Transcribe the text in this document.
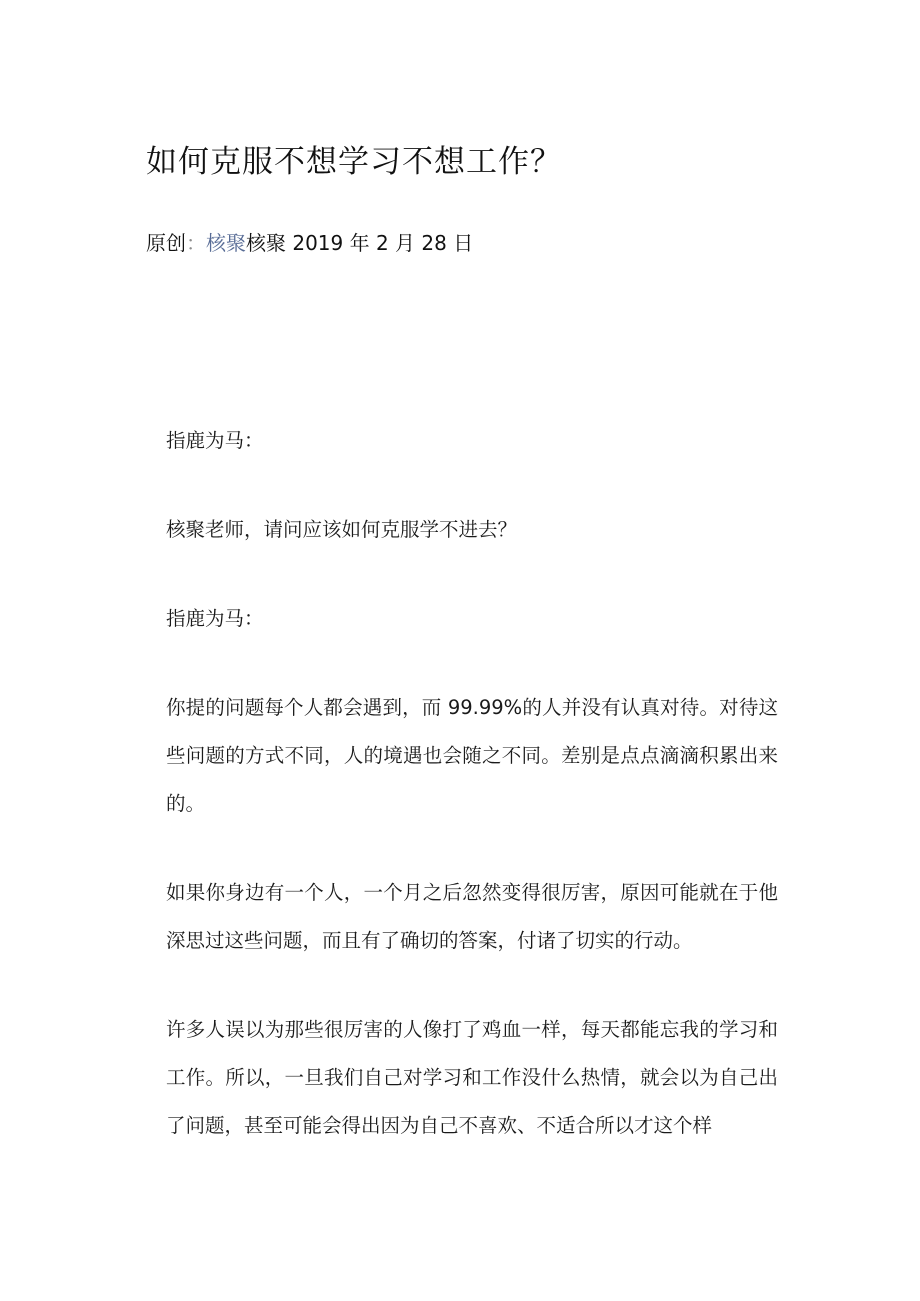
如何克服不想学习不想工作？
原创：核聚核聚 2019 年 2 月 28 日

指鹿为马：

核聚老师，请问应该如何克服学不进去？

指鹿为马：

你提的问题每个人都会遇到，而 99.99%的人并没有认真对待。对待这些问题的方式不同，人的境遇也会随之不同。差别是点点滴滴积累出来的。

如果你身边有一个人，一个月之后忽然变得很厉害，原因可能就在于他深思过这些问题，而且有了确切的答案，付诸了切实的行动。

许多人误以为那些很厉害的人像打了鸡血一样，每天都能忘我的学习和工作。所以，一旦我们自己对学习和工作没什么热情，就会以为自己出了问题，甚至可能会得出因为自己不喜欢、不适合所以才这个样
